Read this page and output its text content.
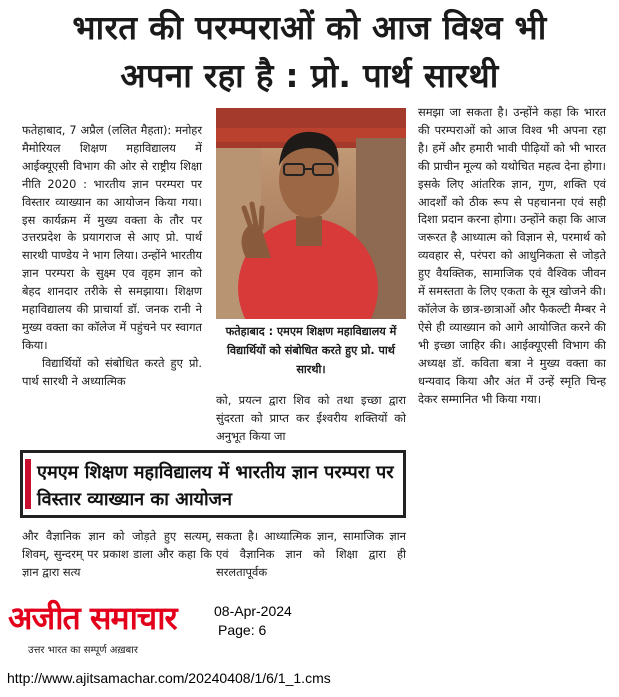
भारत की परम्पराओं को आज विश्व भी
अपना रहा है : प्रो. पार्थ सारथी

फतेहाबाद, 7 अप्रैल (ललित मैहता): मनोहर मैमोरियल शिक्षण महाविद्यालय में आईक्यूएसी विभाग की ओर से राष्ट्रीय शिक्षा नीति 2020 : भारतीय ज्ञान परम्परा पर विस्तार व्याख्यान का आयोजन किया गया। इस कार्यक्रम में मुख्य वक्ता के तौर पर उत्तरप्रदेश के प्रयागराज से आए प्रो. पार्थ सारथी पाण्डेय ने भाग लिया। उन्होंने भारतीय ज्ञान परम्परा के सुक्ष्म एव वृहम ज्ञान को बेहद शानदार तरीके से समझाया। शिक्षण महाविद्यालय की प्राचार्या डॉ. जनक रानी ने मुख्य वक्ता का कॉलेज में पहुंचने पर स्वागत किया।

विद्यार्थियों को संबोधित करते हुए प्रो. पार्थ सारथी ने अध्यात्मिक

फतेहाबाद : एमएम शिक्षण महाविद्यालय में विद्यार्थियों को संबोधित करते हुए प्रो. पार्थ सारथी।

को, प्रयत्न द्वारा शिव को तथा इच्छा द्वारा सुंदरता को प्राप्त कर ईश्वरीय शक्तियों को अनुभूत किया जा

समझा जा सकता है। उन्होंने कहा कि भारत की परम्पराओं को आज विश्व भी अपना रहा है। हमें और हमारी भावी पीढ़ियों को भी भारत की प्राचीन मूल्य को यथोचित महत्व देना होगा। इसके लिए आंतरिक ज्ञान, गुण, शक्ति एवं आदर्शों को ठीक रूप से पहचानना एवं सही दिशा प्रदान करना होगा। उन्होंने कहा कि आज जरूरत है आध्यात्म को विज्ञान से, परमार्थ को व्यवहार से, परंपरा को आधुनिकता से जोड़ते हुए वैयक्तिक, सामाजिक एवं वैश्विक जीवन में समस्तता के लिए एकता के सूत्र खोजने की। कॉलेज के छात्र-छात्राओं और फैकल्टी मैम्बर ने ऐसे ही व्याख्यान को आगे आयोजित करने की भी इच्छा जाहिर की। आईक्यूएसी विभाग की अध्यक्ष डॉ. कविता बत्रा ने मुख्य वक्ता का धन्यवाद किया और अंत में उन्हें स्मृति चिन्ह देकर सम्मानित भी किया गया।

एमएम शिक्षण महाविद्यालय में भारतीय ज्ञान परम्परा पर विस्तार व्याख्यान का आयोजन

और वैज्ञानिक ज्ञान को जोड़ते हुए सत्यम्, शिवम्, सुन्दरम् पर प्रकाश डाला और कहा कि ज्ञान द्वारा सत्य

सकता है। आध्यात्मिक ज्ञान, सामाजिक ज्ञान एवं वैज्ञानिक ज्ञान को शिक्षा द्वारा ही सरलतापूर्वक

अजीत समाचार
उत्तर भारत का सम्पूर्ण अख़बार
08-Apr-2024
Page: 6
http://www.ajitsamachar.com/20240408/1/6/1_1.cms
